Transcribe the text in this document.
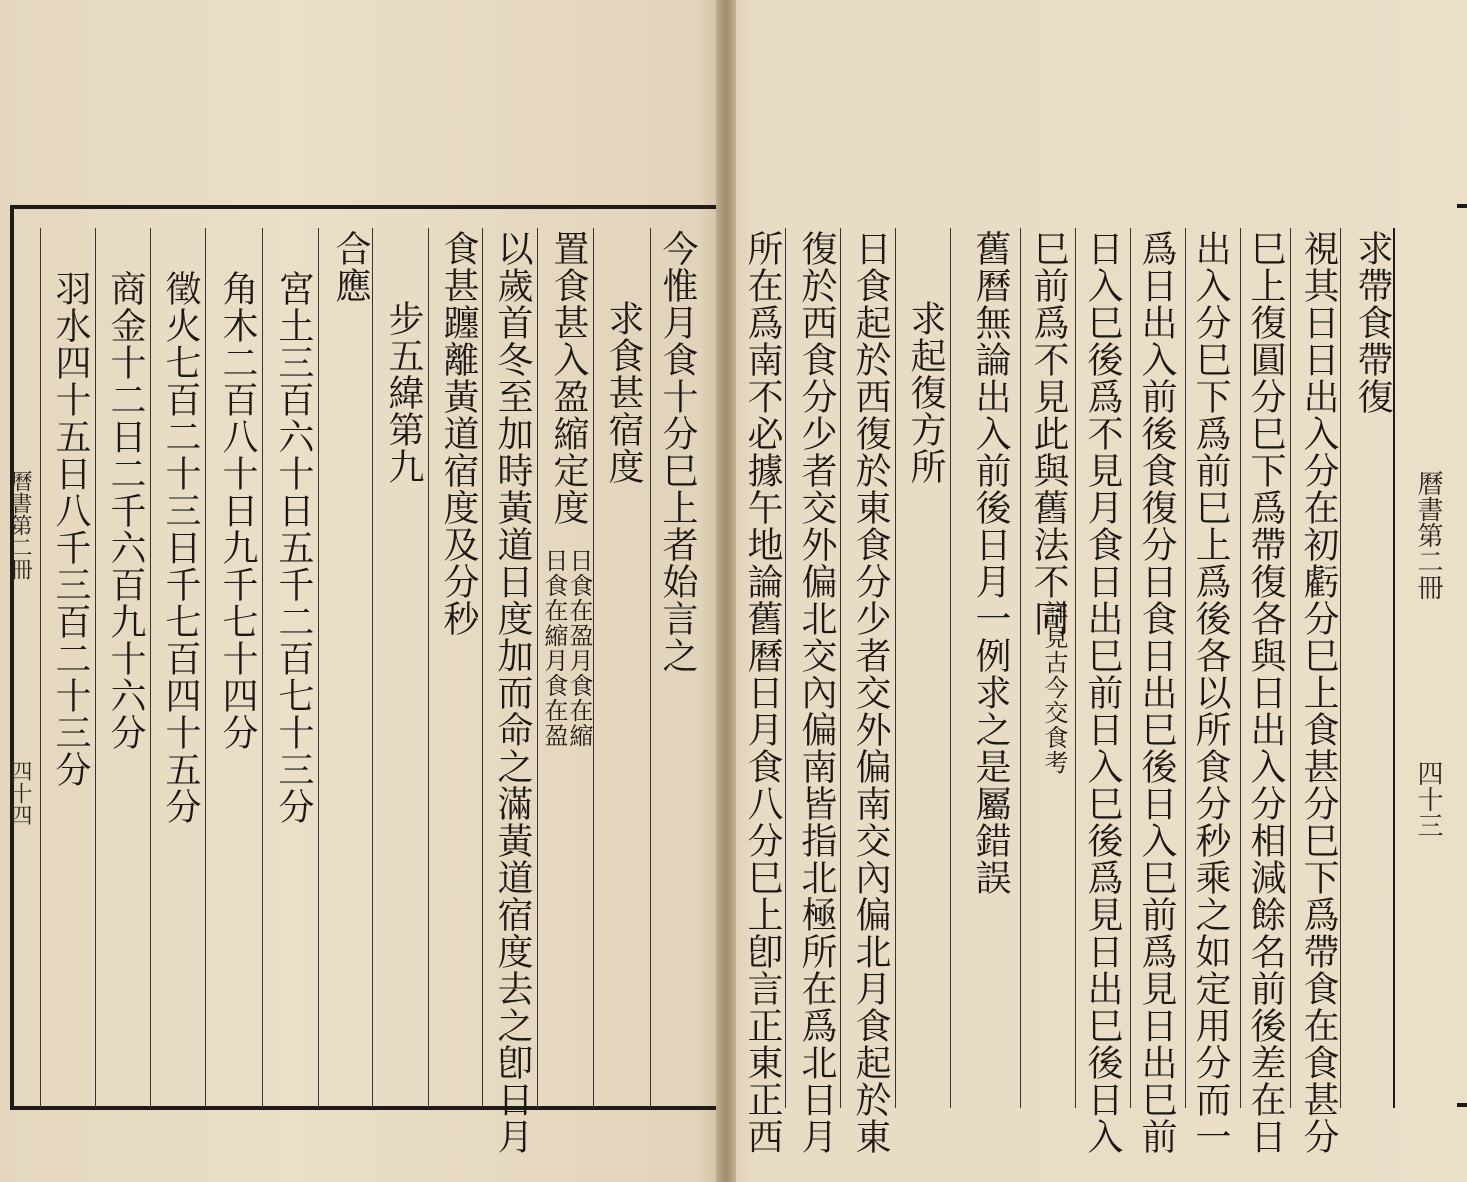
求帶食帶復
視其日日出入分在初虧分巳上食甚分巳下爲帶食在食甚分
巳上復圓分巳下爲帶復各與日出入分相減餘名前後差在日
出入分巳下爲前巳上爲後各以所食分秒乘之如定用分而一
爲日出入前後食復分日食日出巳後日入巳前爲見日出巳前
日入巳後爲不見月食日出巳前日入巳後爲見日出巳後日入
巳前爲不見此與舊法不同
詳見古今交食考
舊曆無論出入前後日月一例求之是屬錯誤
求起復方所
日食起於西復於東食分少者交外偏南交內偏北月食起於東
復於西食分少者交外偏北交內偏南皆指北極所在爲北日月
所在爲南不必據午地論舊曆日月食八分巳上卽言正東正西	曆書第二冊
四十三
今惟月食十分巳上者始言之
求食甚宿度
置食甚入盈縮定度
日食在盈月食在縮
日食在縮月食在盈
以歲首冬至加時黃道日度加而命之滿黃道宿度去之卽日月
食甚躔離黃道宿度及分秒
步五緯第九
合應
宮土三百六十日五千二百七十三分
角木二百八十日九千七十四分
徵火七百二十三日千七百四十五分
商金十二日二千六百九十六分
羽水四十五日八千三百二十三分
曆書第二冊
四十四
